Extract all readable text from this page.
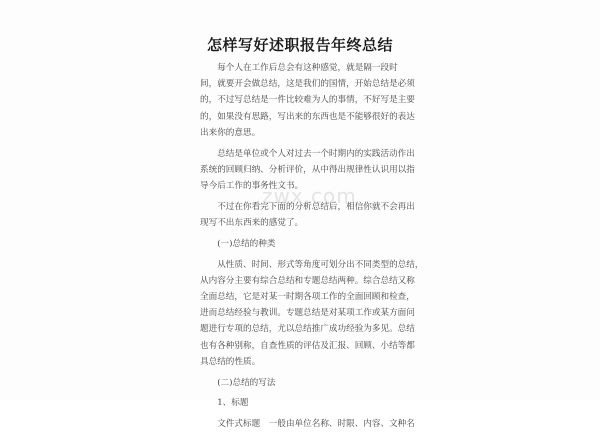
怎样写好述职报告年终总结
每个人在工作后总会有这种感觉，就是隔一段时
间，就要开会做总结，这是我们的国情，开始总结是必须
的，不过写总结是一件比较难为人的事情，不好写是主要
的，如果没有思路，写出来的东西也是不能够很好的表达
出来你的意思。
总结是单位或个人对过去一个时期内的实践活动作出
系统的回顾归纳、分析评价，从中得出规律性认识用以指
导今后工作的事务性文书。
不过在你看完下面的分析总结后，相信你就不会再出
现写不出东西来的感觉了。
(一)总结的种类
从性质、时间、形式等角度可划分出不同类型的总结，
从内容分主要有综合总结和专题总结两种。综合总结又称
全面总结，它是对某一时期各项工作的全面回顾和检查，
进而总结经验与教训。专题总结是对某项工作或某方面问
题进行专项的总结，尤以总结推广成功经验为多见。总结
也有各种别称，自查性质的评估及汇报、回顾、小结等都
具总结的性质。
(二)总结的写法
1、标题
文件式标题　一般由单位名称、时限、内容、文种名
zwx.com
